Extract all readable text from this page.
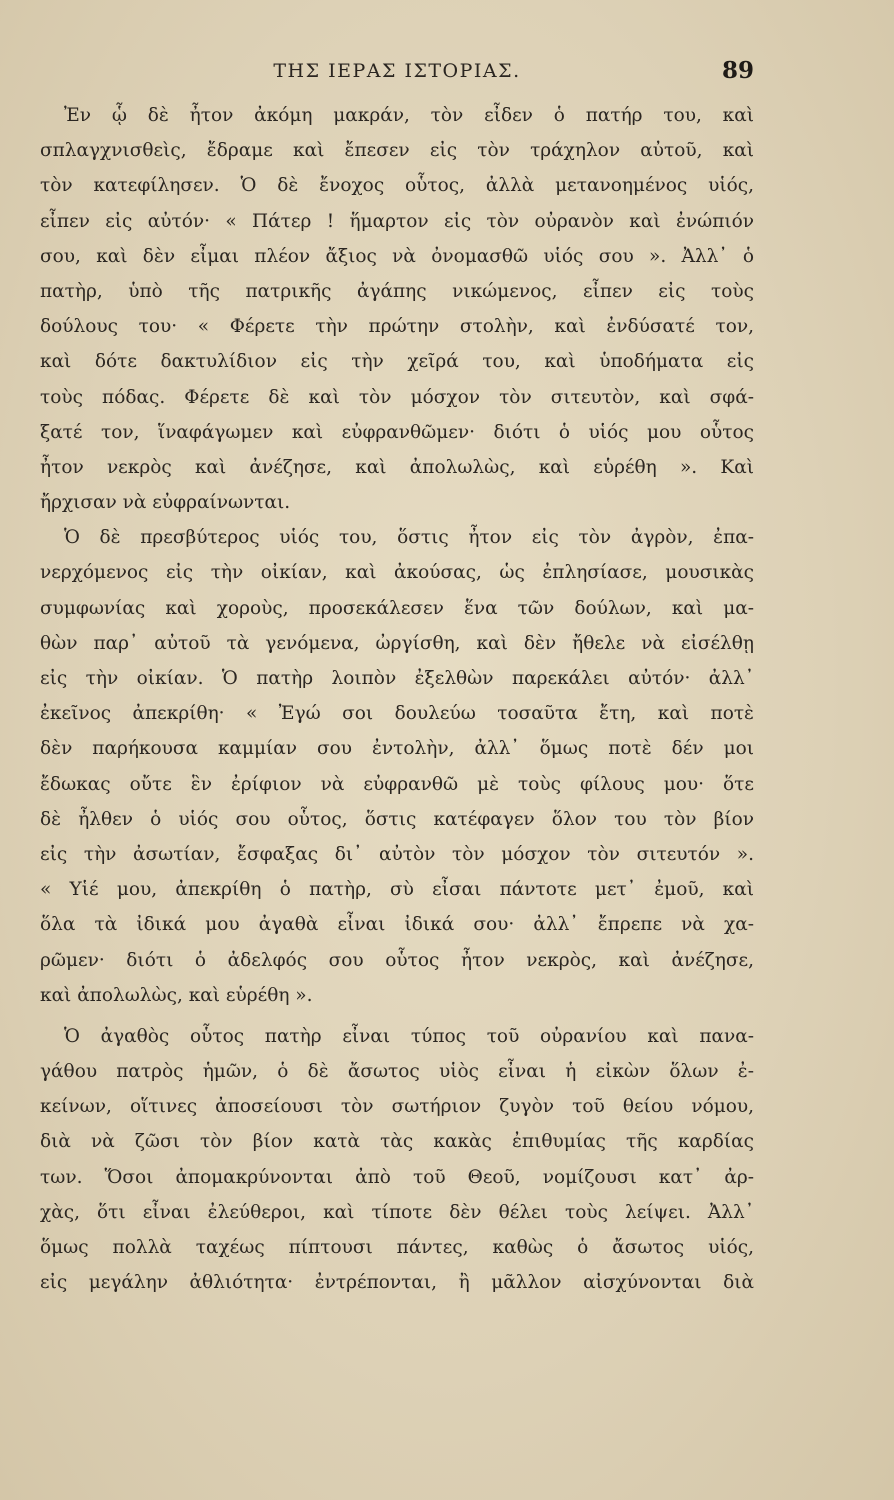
ΤΗΣ ΙΕΡΑΣ ΙΣΤΟΡΙΑΣ.	89
Ἐν ᾧ δὲ ἦτον ἀκόμη μακράν, τὸν εἶδεν ὁ πατήρ του, καὶ
σπλαγχνισθεὶς, ἔδραμε καὶ ἔπεσεν εἰς τὸν τράχηλον αὐτοῦ, καὶ
τὸν κατεφίλησεν. Ὁ δὲ ἔνοχος οὗτος, ἀλλὰ μετανοημένος υἱός,
εἶπεν εἰς αὐτόν· « Πάτερ ! ἥμαρτον εἰς τὸν οὐρανὸν καὶ ἐνώπιόν
σου, καὶ δὲν εἶμαι πλέον ἄξιος νὰ ὀνομασθῶ υἱός σου ». Ἀλλ᾽ ὁ
πατὴρ, ὑπὸ τῆς πατρικῆς ἀγάπης νικώμενος, εἶπεν εἰς τοὺς
δούλους του· « Φέρετε τὴν πρώτην στολὴν, καὶ ἐνδύσατέ τον,
καὶ δότε δακτυλίδιον εἰς τὴν χεῖρά του, καὶ ὑποδήματα εἰς
τοὺς πόδας. Φέρετε δὲ καὶ τὸν μόσχον τὸν σιτευτὸν, καὶ σφά-
ξατέ τον, ἵναφάγωμεν καὶ εὐφρανθῶμεν· διότι ὁ υἱός μου οὗτος
ἦτον νεκρὸς καὶ ἀνέζησε, καὶ ἀπολωλὼς, καὶ εὑρέθη ». Καὶ
ἤρχισαν νὰ εὐφραίνωνται.
Ὁ δὲ πρεσβύτερος υἱός του, ὅστις ἦτον εἰς τὸν ἀγρὸν, ἐπα-
νερχόμενος εἰς τὴν οἰκίαν, καὶ ἀκούσας, ὡς ἐπλησίασε, μουσικὰς
συμφωνίας καὶ χοροὺς, προσεκάλεσεν ἕνα τῶν δούλων, καὶ μα-
θὼν παρ᾽ αὐτοῦ τὰ γενόμενα, ὠργίσθη, καὶ δὲν ἤθελε νὰ εἰσέλθῃ
εἰς τὴν οἰκίαν. Ὁ πατὴρ λοιπὸν ἐξελθὼν παρεκάλει αὐτόν· ἀλλ᾽
ἐκεῖνος ἀπεκρίθη· « Ἐγώ σοι δουλεύω τοσαῦτα ἔτη, καὶ ποτὲ
δὲν παρήκουσα καμμίαν σου ἐντολὴν, ἀλλ᾽ ὅμως ποτὲ δέν μοι
ἔδωκας οὔτε ἓν ἐρίφιον νὰ εὐφρανθῶ μὲ τοὺς φίλους μου· ὅτε
δὲ ἦλθεν ὁ υἱός σου οὗτος, ὅστις κατέφαγεν ὅλον του τὸν βίον
εἰς τὴν ἀσωτίαν, ἔσφαξας δι᾽ αὐτὸν τὸν μόσχον τὸν σιτευτόν ».
« Υἱέ μου, ἀπεκρίθη ὁ πατὴρ, σὺ εἶσαι πάντοτε μετ᾽ ἐμοῦ, καὶ
ὅλα τὰ ἰδικά μου ἀγαθὰ εἶναι ἰδικά σου· ἀλλ᾽ ἔπρεπε νὰ χα-
ρῶμεν· διότι ὁ ἀδελφός σου οὗτος ἦτον νεκρὸς, καὶ ἀνέζησε,
καὶ ἀπολωλὼς, καὶ εὑρέθη ».
Ὁ ἀγαθὸς οὗτος πατὴρ εἶναι τύπος τοῦ οὐρανίου καὶ πανα-
γάθου πατρὸς ἡμῶν, ὁ δὲ ἄσωτος υἱὸς εἶναι ἡ εἰκὼν ὅλων ἐ-
κείνων, οἵτινες ἀποσείουσι τὸν σωτήριον ζυγὸν τοῦ θείου νόμου,
διὰ νὰ ζῶσι τὸν βίον κατὰ τὰς κακὰς ἐπιθυμίας τῆς καρδίας
των. Ὅσοι ἀπομακρύνονται ἀπὸ τοῦ Θεοῦ, νομίζουσι κατ᾽ ἀρ-
χὰς, ὅτι εἶναι ἐλεύθεροι, καὶ τίποτε δὲν θέλει τοὺς λείψει. Ἀλλ᾽
ὅμως πολλὰ ταχέως πίπτουσι πάντες, καθὼς ὁ ἄσωτος υἱός,
εἰς μεγάλην ἀθλιότητα· ἐντρέπονται, ἢ μᾶλλον αἰσχύνονται διὰ
